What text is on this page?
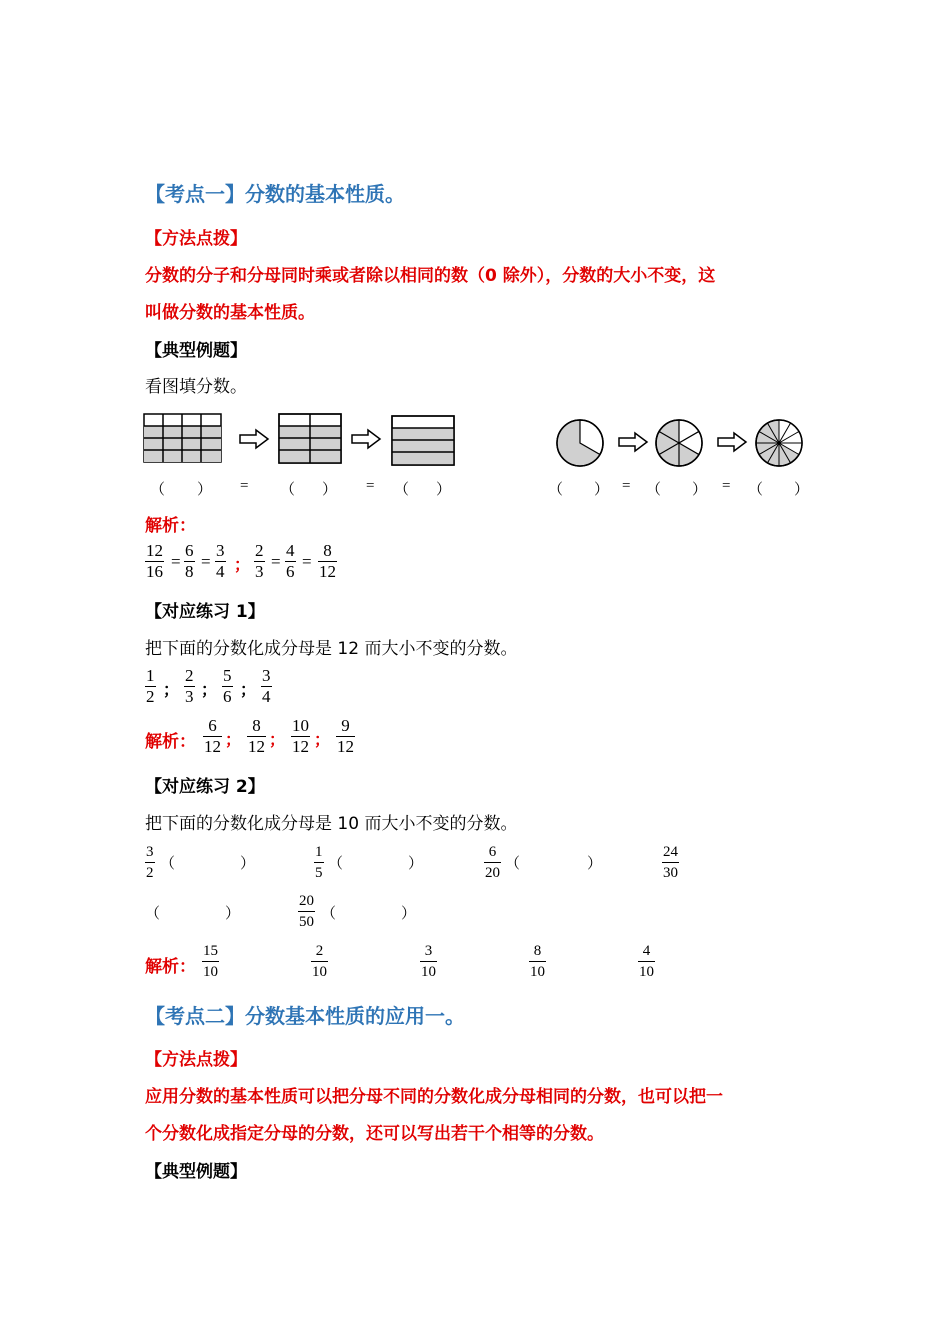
【考点一】分数的基本性质。
【方法点拨】
分数的分子和分母同时乘或者除以相同的数（0 除外），分数的大小不变，这
叫做分数的基本性质。
【典型例题】
看图填分数。
（ ） = （ ） = （ ）	（ ） = （ ） = （ ）
解析：
$\frac{12}{16} = \frac{6}{8} = \frac{3}{4}$ ； $\frac{2}{3} = \frac{4}{6} = \frac{8}{12}$
【对应练习 1】
把下面的分数化成分母是 12 而大小不变的分数。
$\frac{1}{2}$ ； $\frac{2}{3}$ ； $\frac{5}{6}$ ； $\frac{3}{4}$
解析： $\frac{6}{12}$ ； $\frac{8}{12}$ ； $\frac{10}{12}$ ； $\frac{9}{12}$
【对应练习 2】
把下面的分数化成分母是 10 而大小不变的分数。
$\frac{3}{2}$ （	）	$\frac{1}{5}$ （	）	$\frac{6}{20}$ （	）	$\frac{24}{30}$
（	）	$\frac{20}{50}$ （	）
解析： $\frac{15}{10}$	$\frac{2}{10}$	$\frac{3}{10}$	$\frac{8}{10}$	$\frac{4}{10}$
【考点二】分数基本性质的应用一。
【方法点拨】
应用分数的基本性质可以把分母不同的分数化成分母相同的分数，也可以把一
个分数化成指定分母的分数，还可以写出若干个相等的分数。
【典型例题】
